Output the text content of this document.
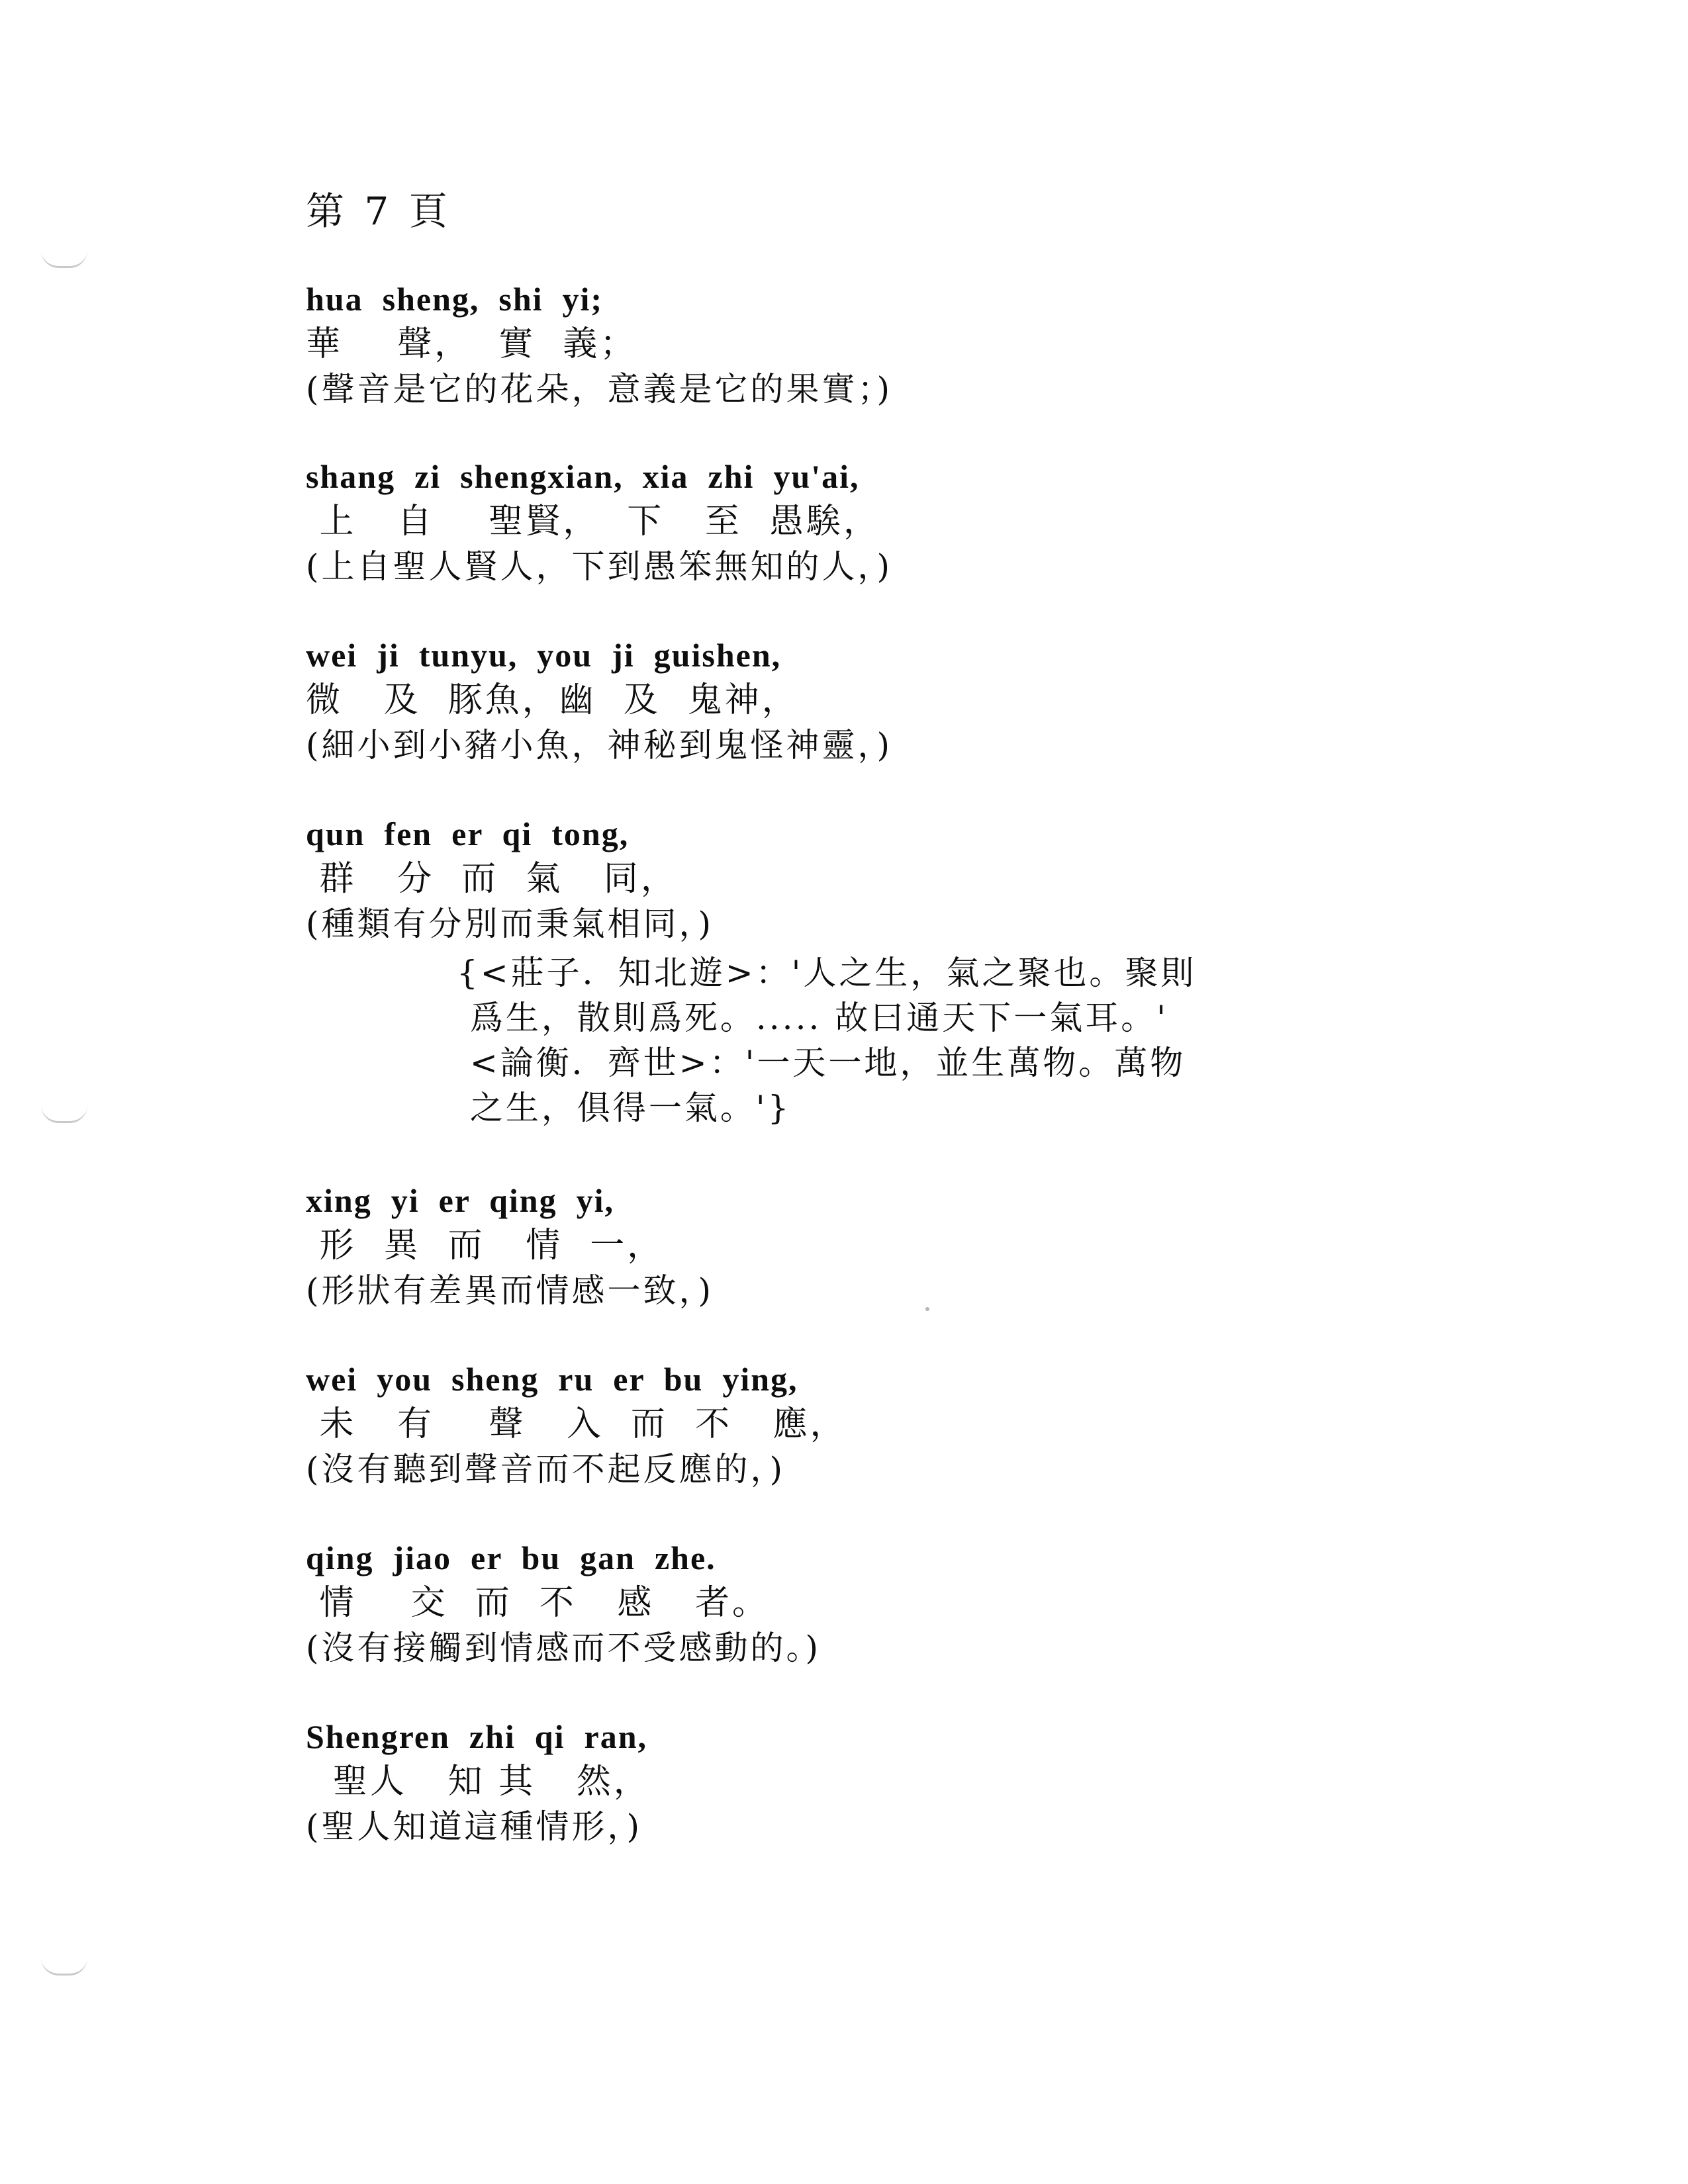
第 7 頁
hua  sheng,  shi  yi;
華    聲，  實  義；
(聲音是它的花朵，意義是它的果實；)
shang  zi  shengxian,  xia  zhi  yu'ai,
上   自    聖賢，  下   至  愚騃，
(上自聖人賢人，下到愚笨無知的人，)
wei  ji  tunyu,  you  ji  guishen,
微   及  豚魚，幽  及  鬼神，
(細小到小豬小魚，神秘到鬼怪神靈，)
qun  fen  er  qi  tong,
群   分  而  氣   同，
(種類有分別而秉氣相同，)
{<莊子．知北遊>：'人之生，氣之聚也。聚則
爲生，散則爲死。..... 故曰通天下一氣耳。'
<論衡．齊世>：'一天一地，並生萬物。萬物
之生，俱得一氣。'}
xing  yi  er  qing  yi,
形  異  而   情  一，
(形狀有差異而情感一致，)
wei  you  sheng  ru  er  bu  ying,
未   有    聲   入  而  不   應，
(沒有聽到聲音而不起反應的，)
qing  jiao  er  bu  gan  zhe.
情    交  而  不   感   者。
(沒有接觸到情感而不受感動的。)
Shengren  zhi  qi  ran,
聖人   知 其   然，
(聖人知道這種情形，)
